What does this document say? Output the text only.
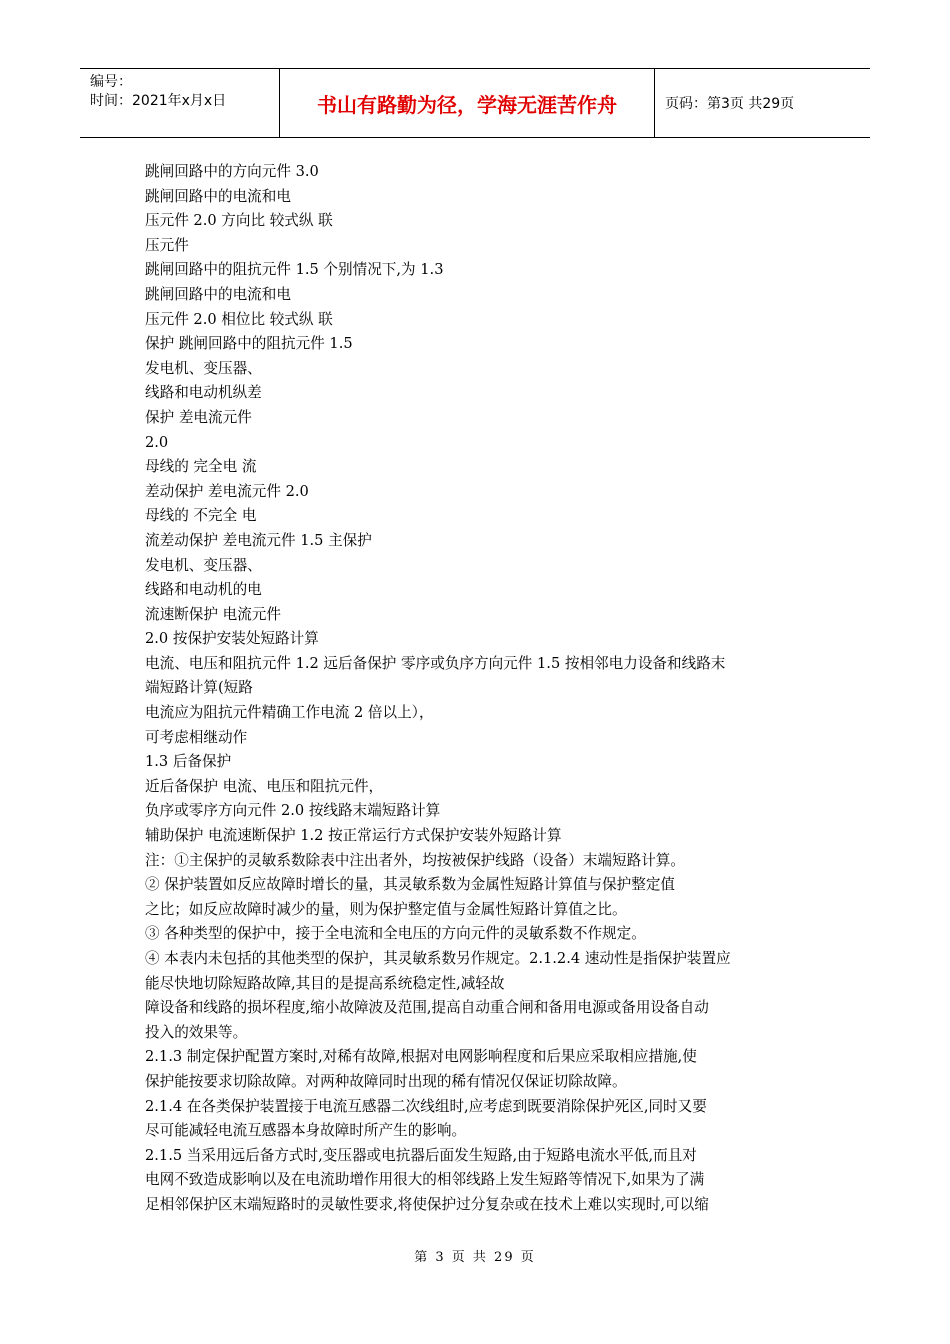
编号：
时间：2021年x月x日	书山有路勤为径，学海无涯苦作舟	页码：第3页 共29页
跳闸回路中的方向元件 3.0
跳闸回路中的电流和电
压元件 2.0 方向比 较式纵 联
压元件
跳闸回路中的阻抗元件 1.5 个别情况下,为 1.3
跳闸回路中的电流和电
压元件 2.0 相位比 较式纵 联
保护 跳闸回路中的阻抗元件 1.5
发电机、变压器、
线路和电动机纵差
保护 差电流元件
2.0
母线的 完全电 流
差动保护 差电流元件 2.0
母线的 不完全 电
流差动保护 差电流元件 1.5 主保护
发电机、变压器、
线路和电动机的电
流速断保护 电流元件
2.0 按保护安装处短路计算
电流、电压和阻抗元件 1.2 远后备保护 零序或负序方向元件 1.5 按相邻电力设备和线路末
端短路计算(短路
电流应为阻抗元件精确工作电流 2 倍以上），
可考虑相继动作
1.3 后备保护
近后备保护 电流、电压和阻抗元件，
负序或零序方向元件 2.0 按线路末端短路计算
辅助保护 电流速断保护 1.2 按正常运行方式保护安装外短路计算
注：①主保护的灵敏系数除表中注出者外，均按被保护线路（设备）末端短路计算。
② 保护装置如反应故障时增长的量，其灵敏系数为金属性短路计算值与保护整定值
之比；如反应故障时减少的量，则为保护整定值与金属性短路计算值之比。
③ 各种类型的保护中，接于全电流和全电压的方向元件的灵敏系数不作规定。
④ 本表内未包括的其他类型的保护，其灵敏系数另作规定。2.1.2.4 速动性是指保护装置应
能尽快地切除短路故障,其目的是提高系统稳定性,减轻故
障设备和线路的损坏程度,缩小故障波及范围,提高自动重合闸和备用电源或备用设备自动
投入的效果等。
2.1.3 制定保护配置方案时,对稀有故障,根据对电网影响程度和后果应采取相应措施,使
保护能按要求切除故障。对两种故障同时出现的稀有情况仅保证切除故障。
2.1.4 在各类保护装置接于电流互感器二次线组时,应考虑到既要消除保护死区,同时又要
尽可能减轻电流互感器本身故障时所产生的影响。
2.1.5 当采用远后备方式时,变压器或电抗器后面发生短路,由于短路电流水平低,而且对
电网不致造成影响以及在电流助增作用很大的相邻线路上发生短路等情况下,如果为了满
足相邻保护区末端短路时的灵敏性要求,将使保护过分复杂或在技术上难以实现时,可以缩
第 3 页 共 29 页
